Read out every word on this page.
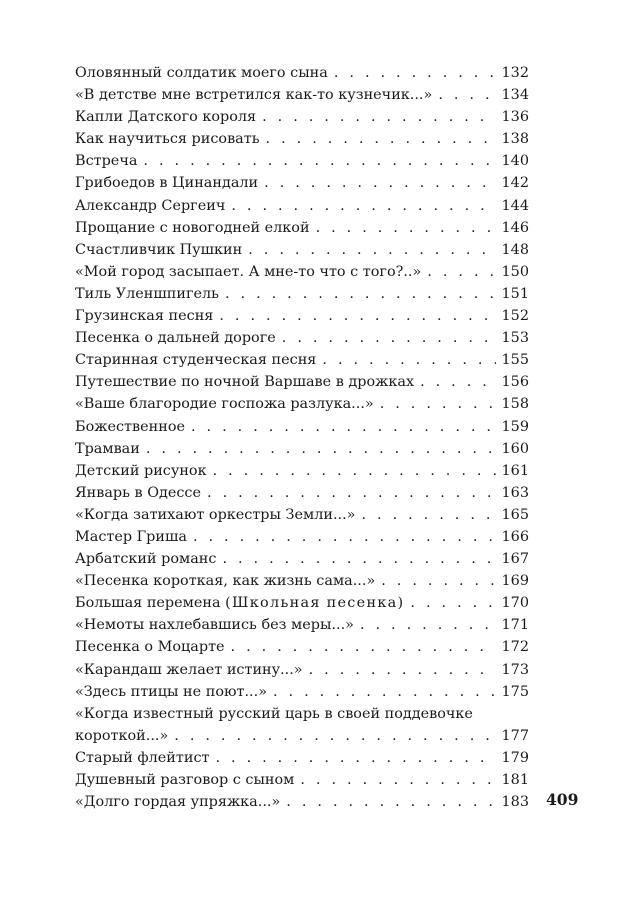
Оловянный солдатик моего сына . . .	132
«В детстве мне встретился как-то кузнечик...» . . .	134
Капли Датского короля . . .	136
Как научиться рисовать . . .	138
Встреча . . .	140
Грибоедов в Цинандали . . .	142
Александр Сергеич . . .	144
Прощание с новогодней елкой . . .	146
Счастливчик Пушкин . . .	148
«Мой город засыпает. А мне-то что с того?..» . . .	150
Тиль Уленшпигель . . .	151
Грузинская песня . . .	152
Песенка о дальней дороге . . .	153
Старинная студенческая песня . . .	155
Путешествие по ночной Варшаве в дрожках . . .	156
«Ваше благородие госпожа разлука...» . . .	158
Божественное . . .	159
Трамваи . . .	160
Детский рисунок . . .	161
Январь в Одессе . . .	163
«Когда затихают оркестры Земли...» . . .	165
Мастер Гриша . . .	166
Арбатский романс . . .	167
«Песенка короткая, как жизнь сама...» . . .	169
Большая перемена (Школьная песенка) . . .	170
«Немоты нахлебавшись без меры...» . . .	171
Песенка о Моцарте . . .	172
«Карандаш желает истину...» . . .	173
«Здесь птицы не поют...» . . .	175
«Когда известный русский царь в своей поддевочке
короткой...» . . .	177
Старый флейтист . . .	179
Душевный разговор с сыном . . .	181
«Долго гордая упряжка...» . . .	183 409
